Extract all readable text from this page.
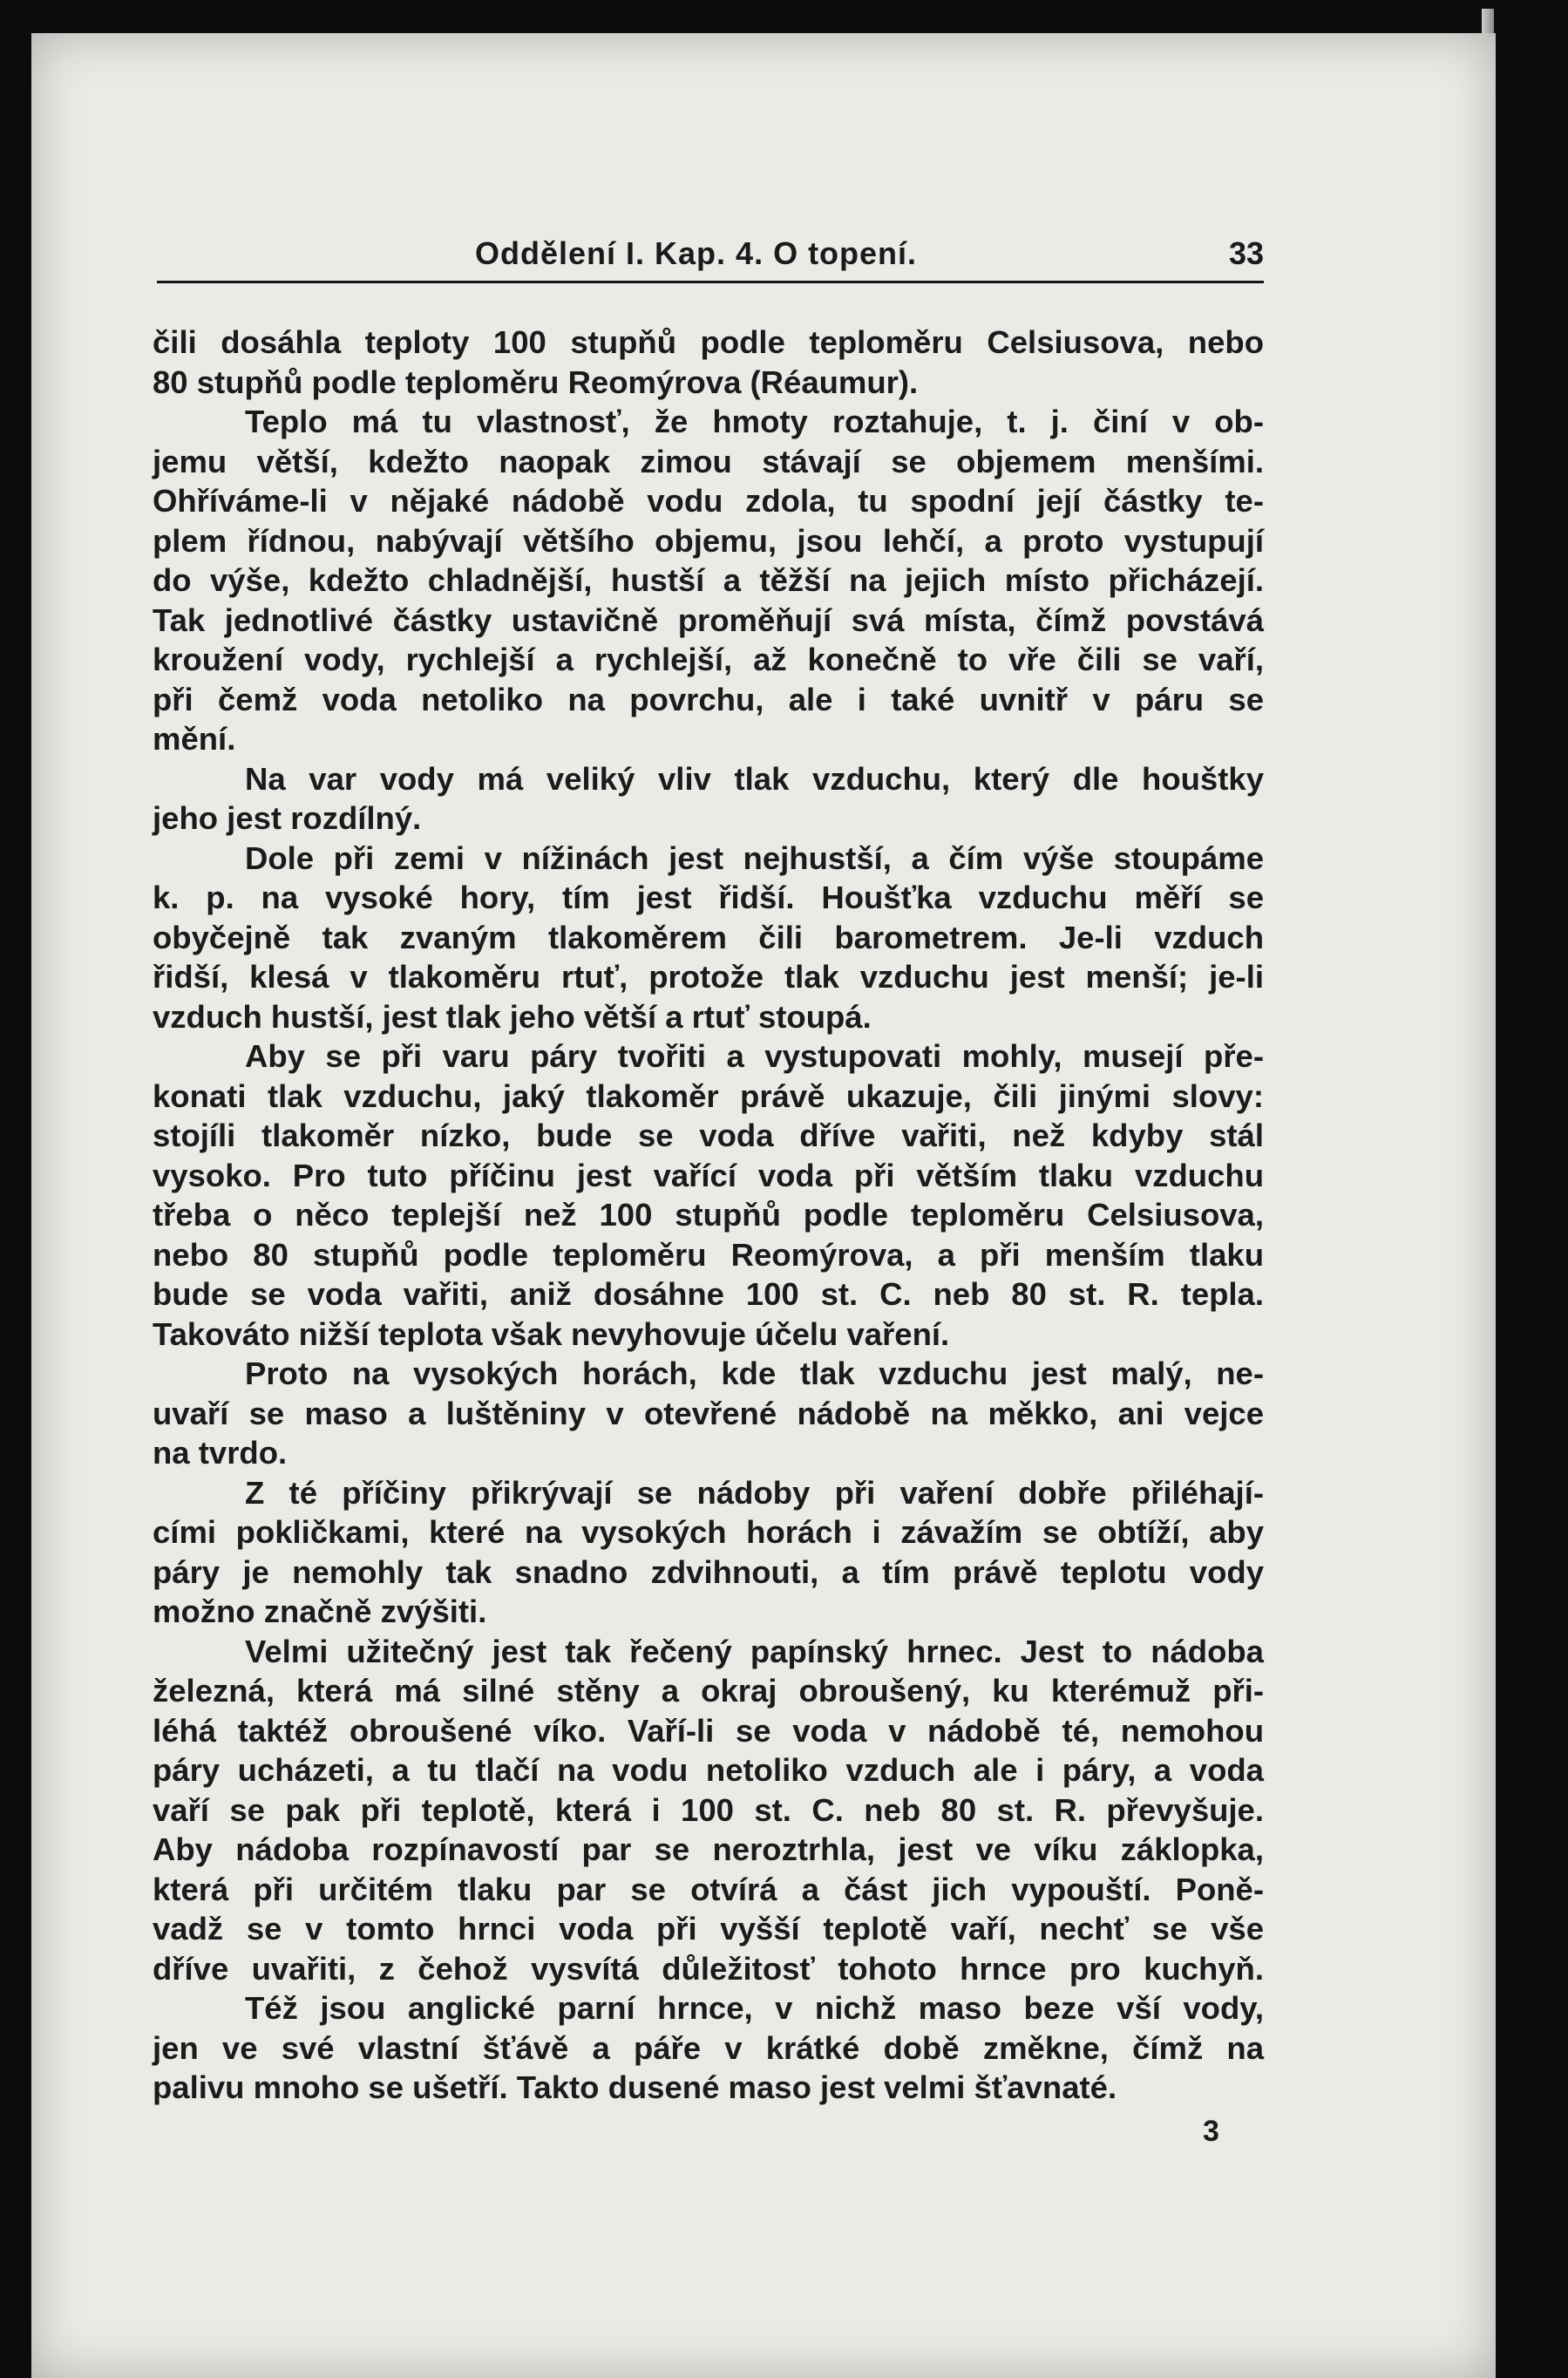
Oddělení I. Kap. 4. O topení.	33
čili dosáhla teploty 100 stupňů podle teploměru Celsiusova, nebo
80 stupňů podle teploměru Reomýrova (Réaumur).
Teplo má tu vlastnosť, že hmoty roztahuje, t. j. činí v ob-
jemu větší, kdežto naopak zimou stávají se objemem menšími.
Ohříváme-li v nějaké nádobě vodu zdola, tu spodní její částky te-
plem řídnou, nabývají většího objemu, jsou lehčí, a proto vystupují
do výše, kdežto chladnější, hustší a těžší na jejich místo přicházejí.
Tak jednotlivé částky ustavičně proměňují svá místa, čímž povstává
kroužení vody, rychlejší a rychlejší, až konečně to vře čili se vaří,
při čemž voda netoliko na povrchu, ale i také uvnitř v páru se
mění.
Na var vody má veliký vliv tlak vzduchu, který dle houštky
jeho jest rozdílný.
Dole při zemi v nížinách jest nejhustší, a čím výše stoupáme
k. p. na vysoké hory, tím jest řidší. Houšťka vzduchu měří se
obyčejně tak zvaným tlakoměrem čili barometrem. Je-li vzduch
řidší, klesá v tlakoměru rtuť, protože tlak vzduchu jest menší; je-li
vzduch hustší, jest tlak jeho větší a rtuť stoupá.
Aby se při varu páry tvořiti a vystupovati mohly, musejí pře-
konati tlak vzduchu, jaký tlakoměr právě ukazuje, čili jinými slovy:
stojíli tlakoměr nízko, bude se voda dříve vařiti, než kdyby stál
vysoko. Pro tuto příčinu jest vařící voda při větším tlaku vzduchu
třeba o něco teplejší než 100 stupňů podle teploměru Celsiusova,
nebo 80 stupňů podle teploměru Reomýrova, a při menším tlaku
bude se voda vařiti, aniž dosáhne 100 st. C. neb 80 st. R. tepla.
Takováto nižší teplota však nevyhovuje účelu vaření.
Proto na vysokých horách, kde tlak vzduchu jest malý, ne-
uvaří se maso a luštěniny v otevřené nádobě na měkko, ani vejce
na tvrdo.
Z té příčiny přikrývají se nádoby při vaření dobře přiléhají-
cími pokličkami, které na vysokých horách i závažím se obtíží, aby
páry je nemohly tak snadno zdvihnouti, a tím právě teplotu vody
možno značně zvýšiti.
Velmi užitečný jest tak řečený papínský hrnec. Jest to nádoba
železná, která má silné stěny a okraj obroušený, ku kterémuž při-
léhá taktéž obroušené víko. Vaří-li se voda v nádobě té, nemohou
páry ucházeti, a tu tlačí na vodu netoliko vzduch ale i páry, a voda
vaří se pak při teplotě, která i 100 st. C. neb 80 st. R. převyšuje.
Aby nádoba rozpínavostí par se neroztrhla, jest ve víku záklopka,
která při určitém tlaku par se otvírá a část jich vypouští. Poně-
vadž se v tomto hrnci voda při vyšší teplotě vaří, nechť se vše
dříve uvařiti, z čehož vysvítá důležitosť tohoto hrnce pro kuchyň.
Též jsou anglické parní hrnce, v nichž maso beze vší vody,
jen ve své vlastní šťávě a páře v krátké době změkne, čímž na
palivu mnoho se ušetří. Takto dusené maso jest velmi šťavnaté.
3
